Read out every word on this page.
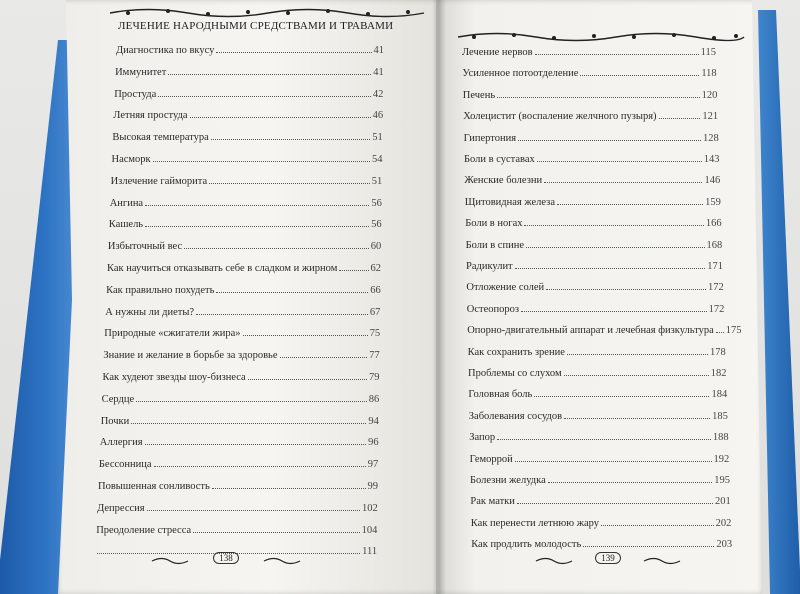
ЛЕЧЕНИЕ НАРОДНЫМИ СРЕДСТВАМИ И ТРАВАМИ
Диагностика по вкусу	41
Иммунитет	41
Простуда	42
Летняя простуда	46
Высокая температура	51
Насморк	54
Излечение гайморита	51
Ангина	56
Кашель	56
Избыточный вес	60
Как научиться отказывать себе в сладком и жирном	62
Как правильно похудеть	66
А нужны ли диеты?	67
Природные «сжигатели жира»	75
Знание и желание в борьбе за здоровье	77
Как худеют звезды шоу-бизнеса	79
Сердце	86
Почки	94
Аллергия	96
Бессонница	97
Повышенная сонливость	99
Депрессия	102
Преодоление стресса	104
111
Лечение нервов	115
Усиленное потоотделение	118
Печень	120
Холецистит (воспаление желчного пузыря)	121
Гипертония	128
Боли в суставах	143
Женские болезни	146
Щитовидная железа	159
Боли в ногах	166
Боли в спине	168
Радикулит	171
Отложение солей	172
Остеопороз	172
Опорно-двигательный аппарат и лечебная физкультура 175
Как сохранить зрение	178
Проблемы со слухом	182
Головная боль	184
Заболевания сосудов	185
Запор	188
Геморрой	192
Болезни желудка	195
Рак матки	201
Как перенести летнюю жару	202
Как продлить молодость	203
138	139
